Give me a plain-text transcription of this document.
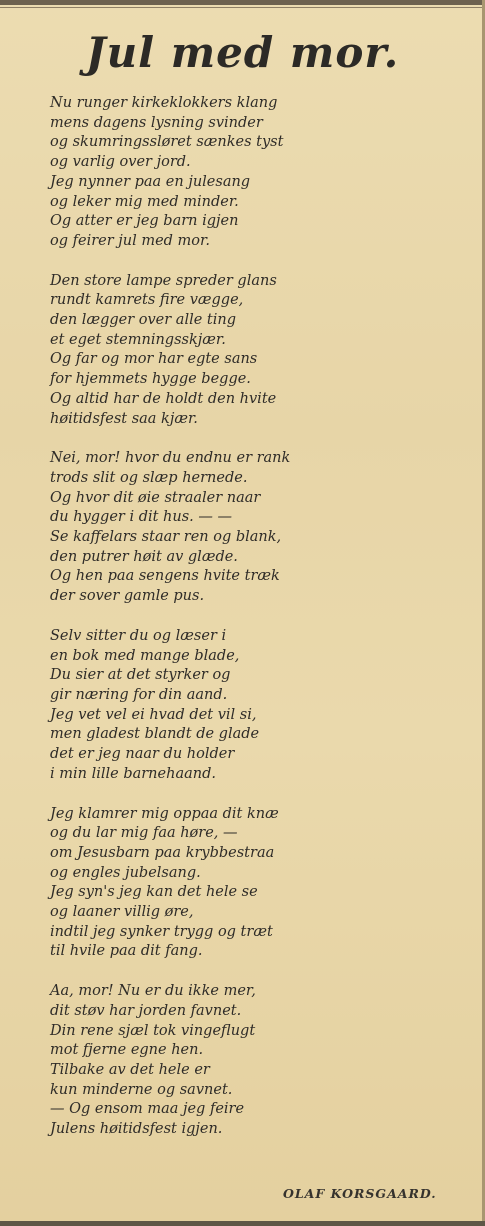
Jul med mor.
Nu runger kirkeklokkers klang
mens dagens lysning svinder
og skumringssløret sænkes tyst
og varlig over jord.
Jeg nynner paa en julesang
og leker mig med minder.
Og atter er jeg barn igjen
og feirer jul med mor.
Den store lampe spreder glans
rundt kamrets fire vægge,
den lægger over alle ting
et eget stemningsskjær.
Og far og mor har egte sans
for hjemmets hygge begge.
Og altid har de holdt den hvite
høitidsfest saa kjær.
Nei, mor! hvor du endnu er rank
trods slit og slæp hernede.
Og hvor dit øie straaler naar
du hygger i dit hus. — —
Se kaffelars staar ren og blank,
den putrer høit av glæde.
Og hen paa sengens hvite træk
der sover gamle pus.
Selv sitter du og læser i
en bok med mange blade,
Du sier at det styrker og
gir næring for din aand.
Jeg vet vel ei hvad det vil si,
men gladest blandt de glade
det er jeg naar du holder
i min lille barnehaand.
Jeg klamrer mig oppaa dit knæ
og du lar mig faa høre, —
om Jesusbarn paa krybbestraa
og engles jubelsang.
Jeg syn's jeg kan det hele se
og laaner villig øre,
indtil jeg synker trygg og træt
til hvile paa dit fang.
Aa, mor! Nu er du ikke mer,
dit støv har jorden favnet.
Din rene sjæl tok vingeflugt
mot fjerne egne hen.
Tilbake av det hele er
kun minderne og savnet.
— Og ensom maa jeg feire
Julens høitidsfest igjen.
OLAF KORSGAARD.
